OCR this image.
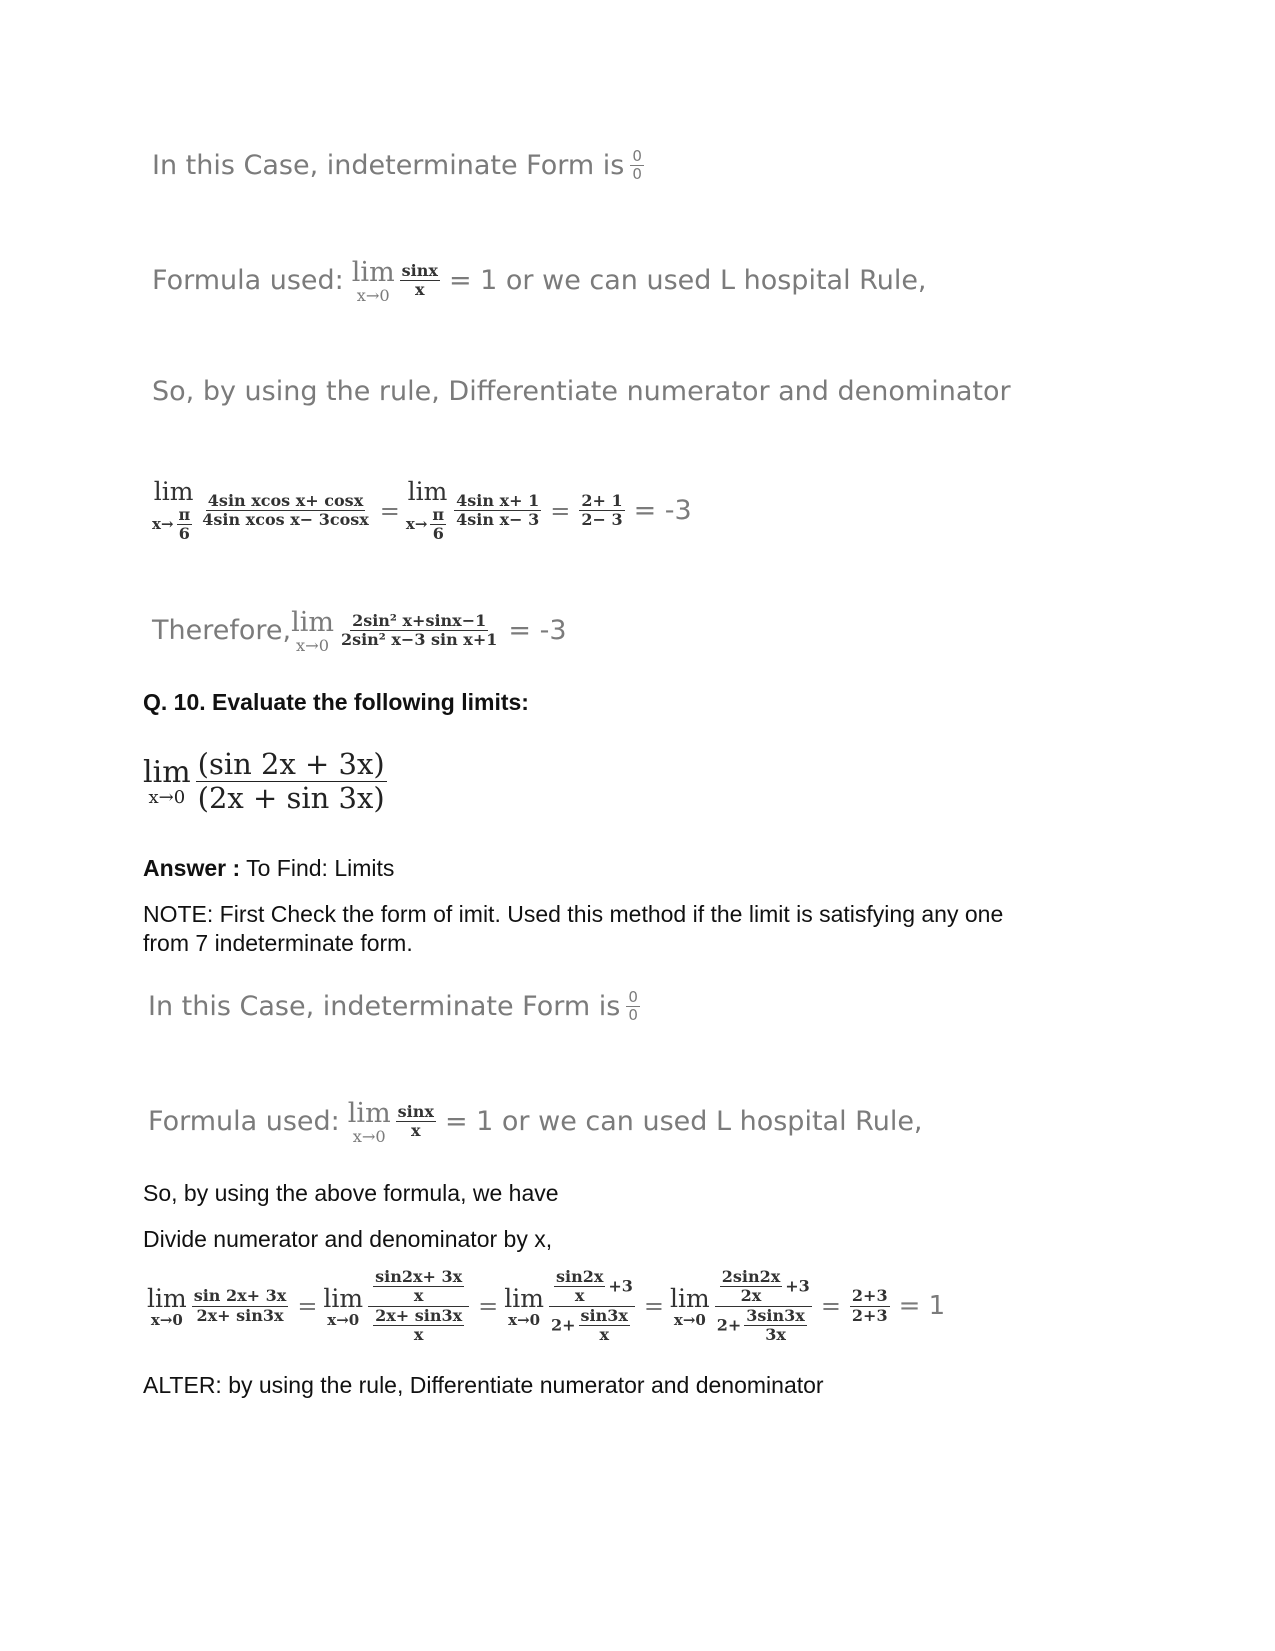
In this Case, indeterminate Form is $\frac{0}{0}$
Formula used: lim
$x\to 0 \frac{\sin x}{x} = 1$ or we can used L hospital Rule,
So, by using the rule, Differentiate numerator and denominator
lim
$x\to \frac{\pi}{6} \frac{\text{4sin xcos x+ cosx}}{\text{4sin xcos x− 3cosx}}$ =
lim
$x\to \frac{\pi}{6} \frac{\text{4sin x+ 1}}{\text{4sin x− 3}} = \frac{2+ 1}{2- 3} = -3$
Therefore, lim
$x\to 0 \frac{\text{2sin² x+sinx−1}}{\text{2sin² x−3 sin x+1}} = -3$
Q. 10. Evaluate the following limits:
lim
$x\to 0 \frac{(\sin 2x + 3x)}{(2x + \sin 3x)}$
Answer : To Find: Limits
NOTE: First Check the form of imit. Used this method if the limit is satisfying any one
from 7 indeterminate form.
In this Case, indeterminate Form is $\frac{0}{0}$
Formula used: lim
$x\to 0 \frac{\sin x}{x} = 1$ or we can used L hospital Rule,
So, by using the above formula, we have
Divide numerator and denominator by x,
lim
$x\to 0 \frac{\sin 2x+ 3x}{2x+ \sin 3x} = \lim$
$x\to 0 \frac{\frac{\sin 2x+ 3x}{x}}{\frac{2x+ \sin 3x}{x}} = \lim$
$x\to 0 \frac{\frac{\sin 2x}{x} +3}{2+ \frac{\sin 3x}{x}} = \lim$
$x\to 0 \frac{\frac{2\sin 2x}{2x} +3}{2+ \frac{3\sin 3x}{3x}} = \frac{2+3}{2+3} = 1$
ALTER: by using the rule, Differentiate numerator and denominator
